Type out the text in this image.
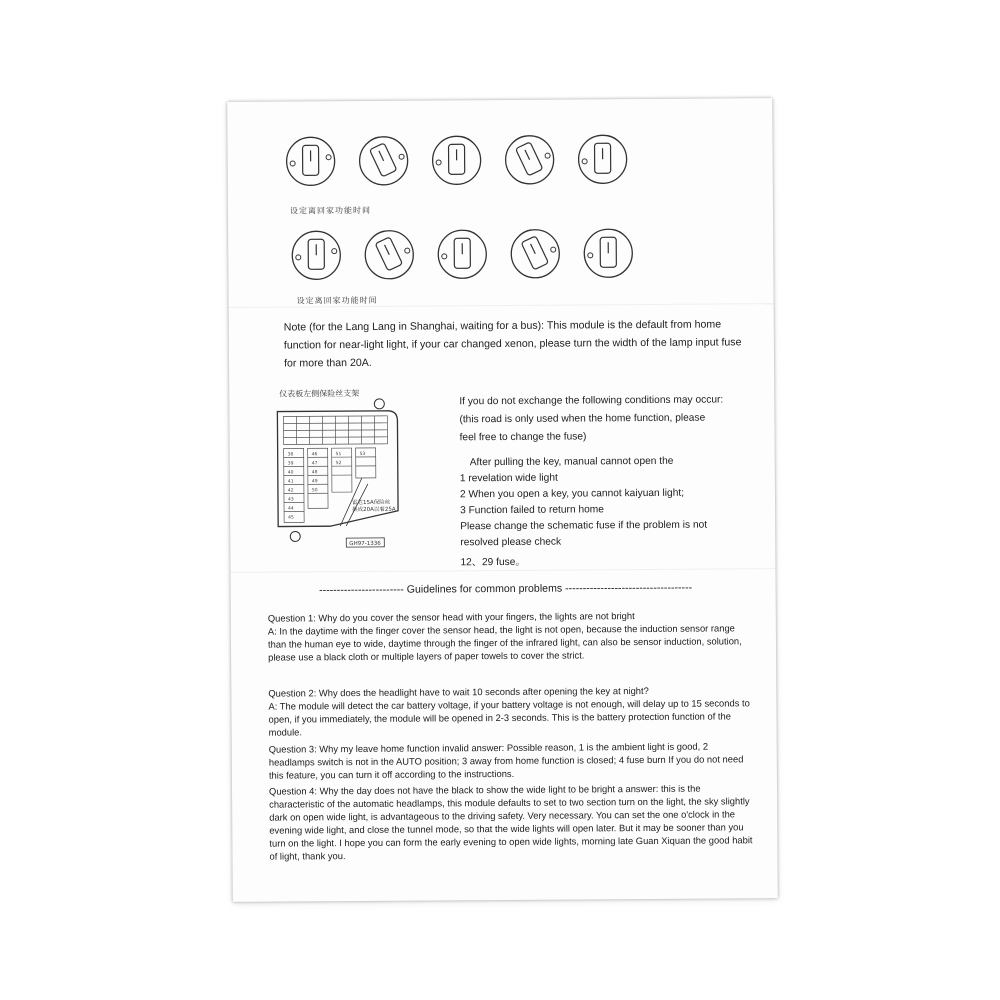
设定离回家功能时间
设定离回家功能时间
Note (for the Lang Lang in Shanghai, waiting for a bus): This module is the default from home function for near-light light, if your car changed xenon, please turn the width of the lamp input fuse for more than 20A.
仪表板左侧保险丝支架
雷危15A保险丝
换成20A以着25A
GH97-1336
38
39
40
41
42
43
44
45
46
47
48
49
50
51
52
53
If you do not exchange the following conditions may occur:
(this road is only used when the home function, please
feel free to change the fuse)
After pulling the key, manual cannot open the
1 revelation wide light
2 When you open a key, you cannot kaiyuan light;
3 Function failed to return home
Please change the schematic fuse if the problem is not
resolved please check
12、29 fuse。
------------------------ Guidelines for common problems ------------------------------------
Question 1: Why do you cover the sensor head with your fingers, the lights are not bright
A: In the daytime with the finger cover the sensor head, the light is not open, because the induction sensor range than the human eye to wide, daytime through the finger of the infrared light, can also be sensor induction, solution, please use a black cloth or multiple layers of paper towels to cover the strict.
Question 2: Why does the headlight have to wait 10 seconds after opening the key at night?
A: The module will detect the car battery voltage, if your battery voltage is not enough, will delay up to 15 seconds to open, if you immediately, the module will be opened in 2-3 seconds. This is the battery protection function of the module.
Question 3: Why my leave home function invalid answer: Possible reason, 1 is the ambient light is good, 2 headlamps switch is not in the AUTO position; 3 away from home function is closed; 4 fuse burn If you do not need this feature, you can turn it off according to the instructions.
Question 4: Why the day does not have the black to show the wide light to be bright a answer: this is the characteristic of the automatic headlamps, this module defaults to set to two section turn on the light, the sky slightly dark on open wide light, is advantageous to the driving safety. Very necessary. You can set the one o'clock in the evening wide light, and close the tunnel mode, so that the wide lights will open later. But it may be sooner than you turn on the light. I hope you can form the early evening to open wide lights, morning late Guan Xiquan the good habit of light, thank you.
